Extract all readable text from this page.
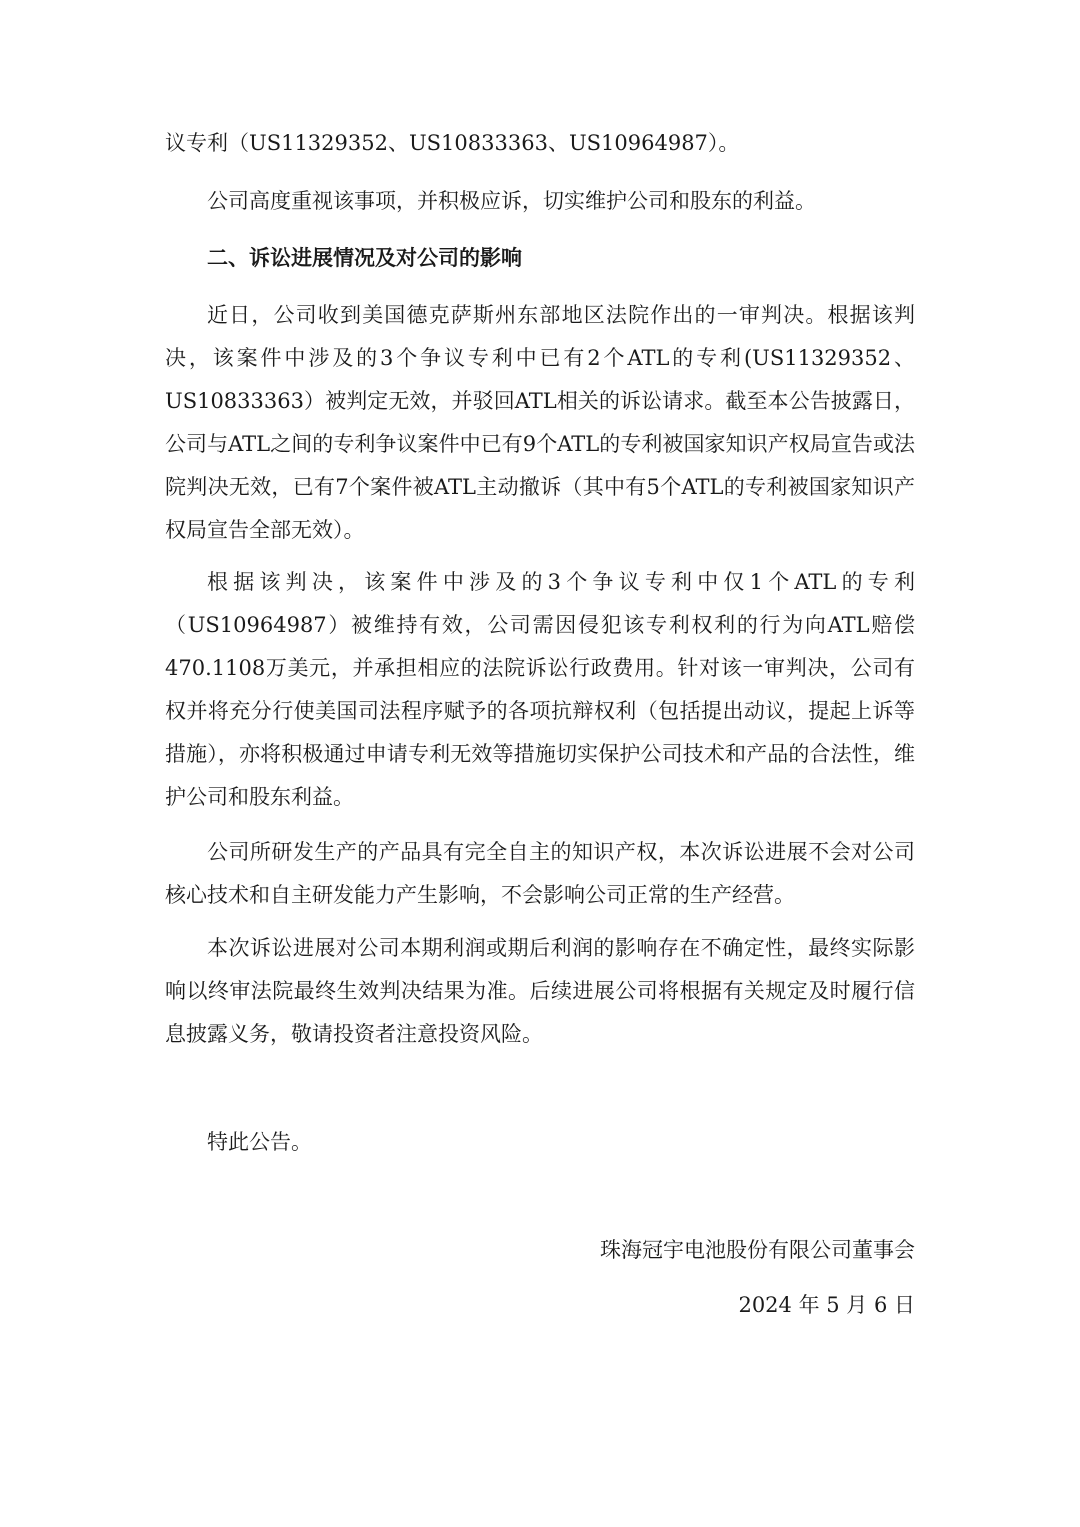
议专利（US11329352、US10833363、US10964987）。

公司高度重视该事项，并积极应诉，切实维护公司和股东的利益。

二、诉讼进展情况及对公司的影响

近日，公司收到美国德克萨斯州东部地区法院作出的一审判决。根据该判决，该案件中涉及的3个争议专利中已有2个ATL的专利(US11329352、US10833363）被判定无效，并驳回ATL相关的诉讼请求。截至本公告披露日，公司与ATL之间的专利争议案件中已有9个ATL的专利被国家知识产权局宣告或法院判决无效，已有7个案件被ATL主动撤诉（其中有5个ATL的专利被国家知识产权局宣告全部无效）。

根据该判决，该案件中涉及的3个争议专利中仅1个ATL的专利（US10964987）被维持有效，公司需因侵犯该专利权利的行为向ATL赔偿470.1108万美元，并承担相应的法院诉讼行政费用。针对该一审判决，公司有权并将充分行使美国司法程序赋予的各项抗辩权利（包括提出动议，提起上诉等措施），亦将积极通过申请专利无效等措施切实保护公司技术和产品的合法性，维护公司和股东利益。

公司所研发生产的产品具有完全自主的知识产权，本次诉讼进展不会对公司核心技术和自主研发能力产生影响，不会影响公司正常的生产经营。

本次诉讼进展对公司本期利润或期后利润的影响存在不确定性，最终实际影响以终审法院最终生效判决结果为准。后续进展公司将根据有关规定及时履行信息披露义务，敬请投资者注意投资风险。

特此公告。

珠海冠宇电池股份有限公司董事会

2024 年 5 月 6 日
